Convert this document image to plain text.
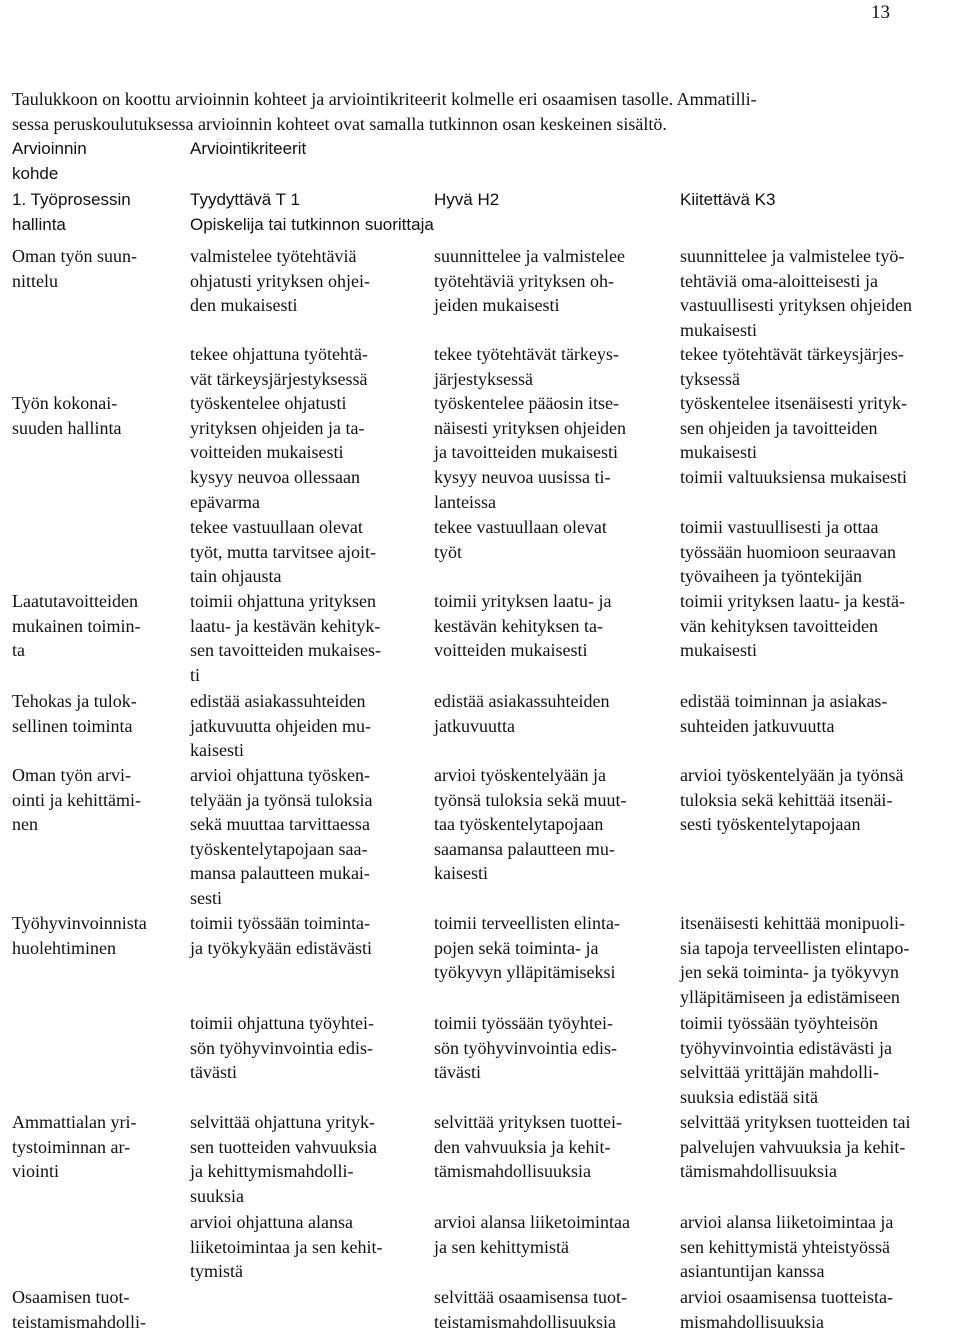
13

Taulukkoon on koottu arvioinnin kohteet ja arviointikriteerit kolmelle eri osaamisen tasolle. Ammatilli-

sessa peruskoulutuksessa arvioinnin kohteet ovat samalla tutkinnon osan keskeinen sisältö.

Arvioinnin
kohde
Arviointikriteerit
1. Työprosessin
hallinta
Tyydyttävä T 1	Hyvä H2	Kiitettävä K3
Opiskelija tai tutkinnon suorittaja
Oman työn suun-
nittelu
valmistelee työtehtäviä
ohjatusti yrityksen ohjei-
den mukaisesti
suunnittelee ja valmistelee
työtehtäviä yrityksen oh-
jeiden mukaisesti
suunnittelee ja valmistelee työ-
tehtäviä oma-aloitteisesti ja
vastuullisesti yrityksen ohjeiden
mukaisesti
tekee ohjattuna työtehtä-
vät tärkeysjärjestyksessä
tekee työtehtävät tärkeys-
järjestyksessä
tekee työtehtävät tärkeysjärjes-
tyksessä
Työn kokonai-
suuden hallinta
työskentelee ohjatusti
yrityksen ohjeiden ja ta-
voitteiden mukaisesti
työskentelee pääosin itse-
näisesti yrityksen ohjeiden
ja tavoitteiden mukaisesti
työskentelee itsenäisesti yrityk-
sen ohjeiden ja tavoitteiden
mukaisesti
kysyy neuvoa ollessaan
epävarma
kysyy neuvoa uusissa ti-
lanteissa
toimii valtuuksiensa mukaisesti
tekee vastuullaan olevat
työt, mutta tarvitsee ajoit-
tain ohjausta
tekee vastuullaan olevat
työt
toimii vastuullisesti ja ottaa
työssään huomioon seuraavan
työvaiheen ja työntekijän
Laatutavoitteiden
mukainen toimin-
ta
toimii ohjattuna yrityksen
laatu- ja kestävän kehityk-
sen tavoitteiden mukaises-
ti
toimii yrityksen laatu- ja
kestävän kehityksen ta-
voitteiden mukaisesti
toimii yrityksen laatu- ja kestä-
vän kehityksen tavoitteiden
mukaisesti
Tehokas ja tulok-
sellinen toiminta
edistää asiakassuhteiden
jatkuvuutta ohjeiden mu-
kaisesti
edistää asiakassuhteiden
jatkuvuutta
edistää toiminnan ja asiakas-
suhteiden jatkuvuutta
Oman työn arvi-
ointi ja kehittämi-
nen
arvioi ohjattuna työsken-
telyään ja työnsä tuloksia
sekä muuttaa tarvittaessa
työskentelytapojaan saa-
mansa palautteen mukai-
sesti
arvioi työskentelyään ja
työnsä tuloksia sekä muut-
taa työskentelytapojaan
saamansa palautteen mu-
kaisesti
arvioi työskentelyään ja työnsä
tuloksia sekä kehittää itsenäi-
sesti työskentelytapojaan
Työhyvinvoinnista
huolehtiminen
toimii työssään toiminta-
ja työkykyään edistävästi
toimii terveellisten elinta-
pojen sekä toiminta- ja
työkyvyn ylläpitämiseksi
itsenäisesti kehittää monipuoli-
sia tapoja terveellisten elintapo-
jen sekä toiminta- ja työkyvyn
ylläpitämiseen ja edistämiseen
toimii ohjattuna työyhtei-
sön työhyvinvointia edis-
tävästi
toimii työssään työyhtei-
sön työhyvinvointia edis-
tävästi
toimii työssään työyhteisön
työhyvinvointia edistävästi ja
selvittää yrittäjän mahdolli-
suuksia edistää sitä
Ammattialan yri-
tystoiminnan ar-
viointi
selvittää ohjattuna yrityk-
sen tuotteiden vahvuuksia
ja kehittymismahdolli-
suuksia
selvittää yrityksen tuottei-
den vahvuuksia ja kehit-
tämismahdollisuuksia
selvittää yrityksen tuotteiden tai
palvelujen vahvuuksia ja kehit-
tämismahdollisuuksia
arvioi ohjattuna alansa
liiketoimintaa ja sen kehit-
tymistä
arvioi alansa liiketoimintaa
ja sen kehittymistä
arvioi alansa liiketoimintaa ja
sen kehittymistä yhteistyössä
asiantuntijan kanssa
Osaamisen tuot-
teistamismahdolli-
selvittää osaamisensa tuot-
teistamismahdollisuuksia
arvioi osaamisensa tuotteista-
mismahdollisuuksia
